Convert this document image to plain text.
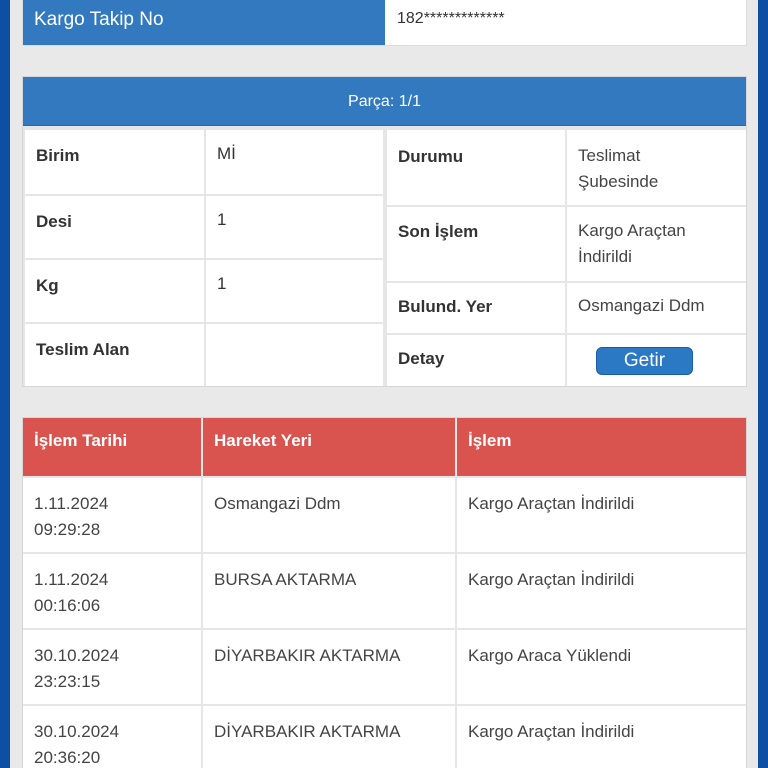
Kargo Takip No	182*************
Parça: 1/1
Birim	Mİ
Desi	1
Kg	1
Teslim Alan	
Durumu	Teslimat
Şubesinde

Son İşlem	Kargo Araçtan
İndirildi

Bulund. Yer	Osmangazi Ddm
Detay	Getir
İşlem Tarihi	Hareket Yeri	İşlem

1.11.2024
09:29:28	Osmangazi Ddm	Kargo Araçtan İndirildi

1.11.2024
00:16:06	BURSA AKTARMA	Kargo Araçtan İndirildi

30.10.2024
23:23:15	DİYARBAKIR AKTARMA	Kargo Araca Yüklendi

30.10.2024
20:36:20	DİYARBAKIR AKTARMA	Kargo Araçtan İndirildi
